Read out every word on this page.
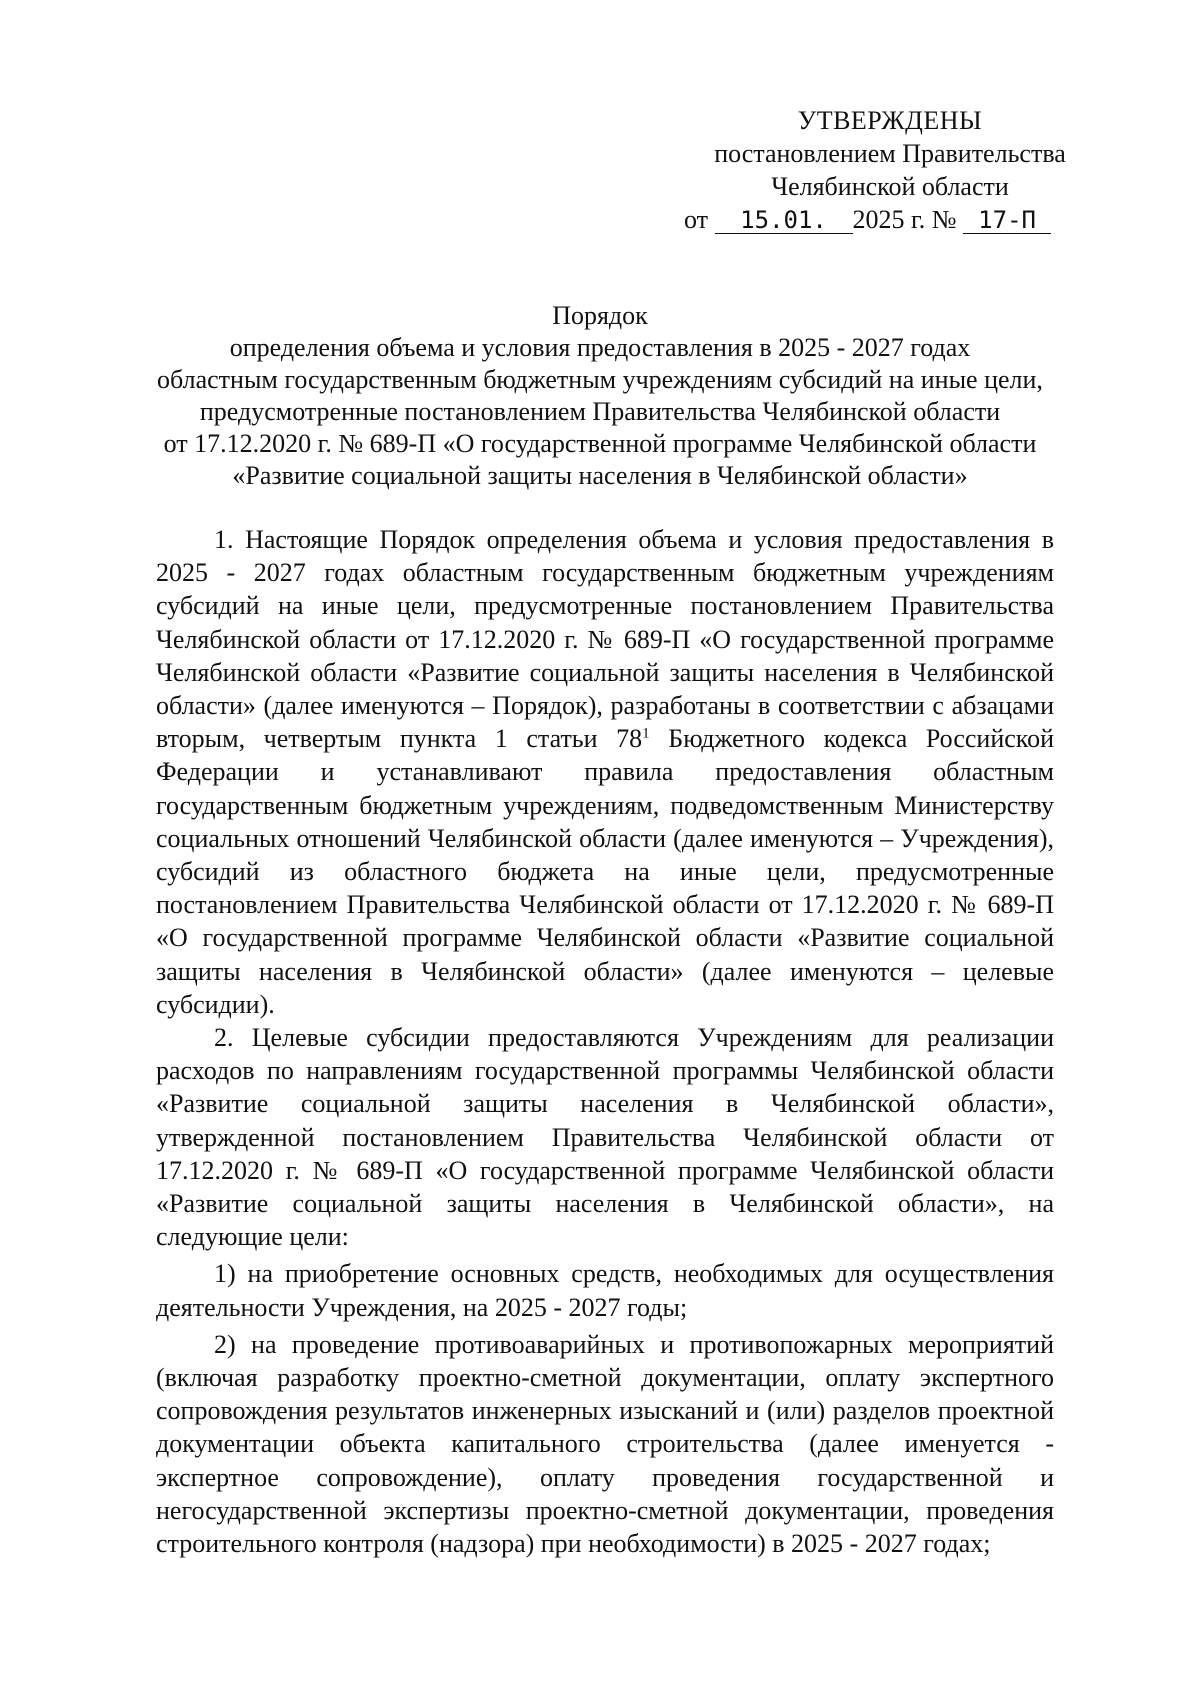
УТВЕРЖДЕНЫ
постановлением Правительства
Челябинской области
от 15.01. 2025 г. № 17-П
Порядок
определения объема и условия предоставления в 2025 - 2027 годах
областным государственным бюджетным учреждениям субсидий на иные цели,
предусмотренные постановлением Правительства Челябинской области
от 17.12.2020 г. № 689-П «О государственной программе Челябинской области
«Развитие социальной защиты населения в Челябинской области»

1. Настоящие Порядок определения объема и условия предоставления в 2025 - 2027 годах областным государственным бюджетным учреждениям субсидий на иные цели, предусмотренные постановлением Правительства Челябинской области от 17.12.2020 г. № 689-П «О государственной программе Челябинской области «Развитие социальной защиты населения в Челябинской области» (далее именуются – Порядок), разработаны в соответствии с абзацами вторым, четвертым пункта 1 статьи $78^1$ Бюджетного кодекса Российской Федерации и устанавливают правила предоставления областным государственным бюджетным учреждениям, подведомственным Министерству социальных отношений Челябинской области (далее именуются – Учреждения), субсидий из областного бюджета на иные цели, предусмотренные постановлением Правительства Челябинской области от 17.12.2020 г. № 689-П «О государственной программе Челябинской области «Развитие социальной защиты населения в Челябинской области» (далее именуются – целевые субсидии).

2. Целевые субсидии предоставляются Учреждениям для реализации расходов по направлениям государственной программы Челябинской области «Развитие социальной защиты населения в Челябинской области», утвержденной постановлением Правительства Челябинской области от 17.12.2020 г. № 689-П «О государственной программе Челябинской области «Развитие социальной защиты населения в Челябинской области», на следующие цели:

1) на приобретение основных средств, необходимых для осуществления деятельности Учреждения, на 2025 - 2027 годы;

2) на проведение противоаварийных и противопожарных мероприятий (включая разработку проектно-сметной документации, оплату экспертного сопровождения результатов инженерных изысканий и (или) разделов проектной документации объекта капитального строительства (далее именуется - экспертное сопровождение), оплату проведения государственной и негосударственной экспертизы проектно-сметной документации, проведения строительного контроля (надзора) при необходимости) в 2025 - 2027 годах;
